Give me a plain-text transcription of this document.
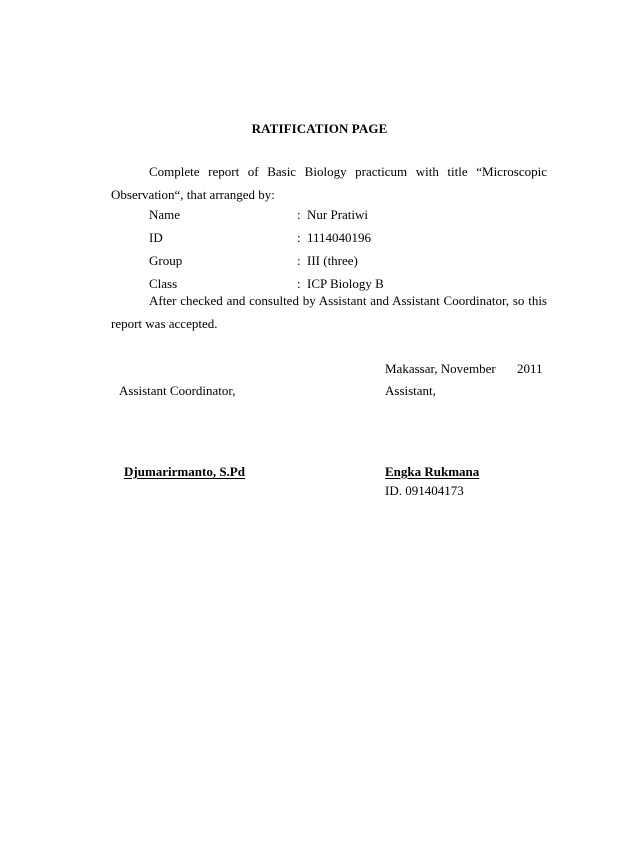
RATIFICATION PAGE
Complete report of Basic Biology practicum with title “Microscopic
Observation“, that arranged by:
Name	: Nur Pratiwi
ID	: 1114040196
Group	: III (three)
Class	: ICP Biology B
After checked and consulted by Assistant and Assistant Coordinator, so this
report was accepted.
Makassar, November 2011
Assistant Coordinator,	Assistant,
Djumarirmanto, S.Pd	Engka Rukmana
ID. 091404173
